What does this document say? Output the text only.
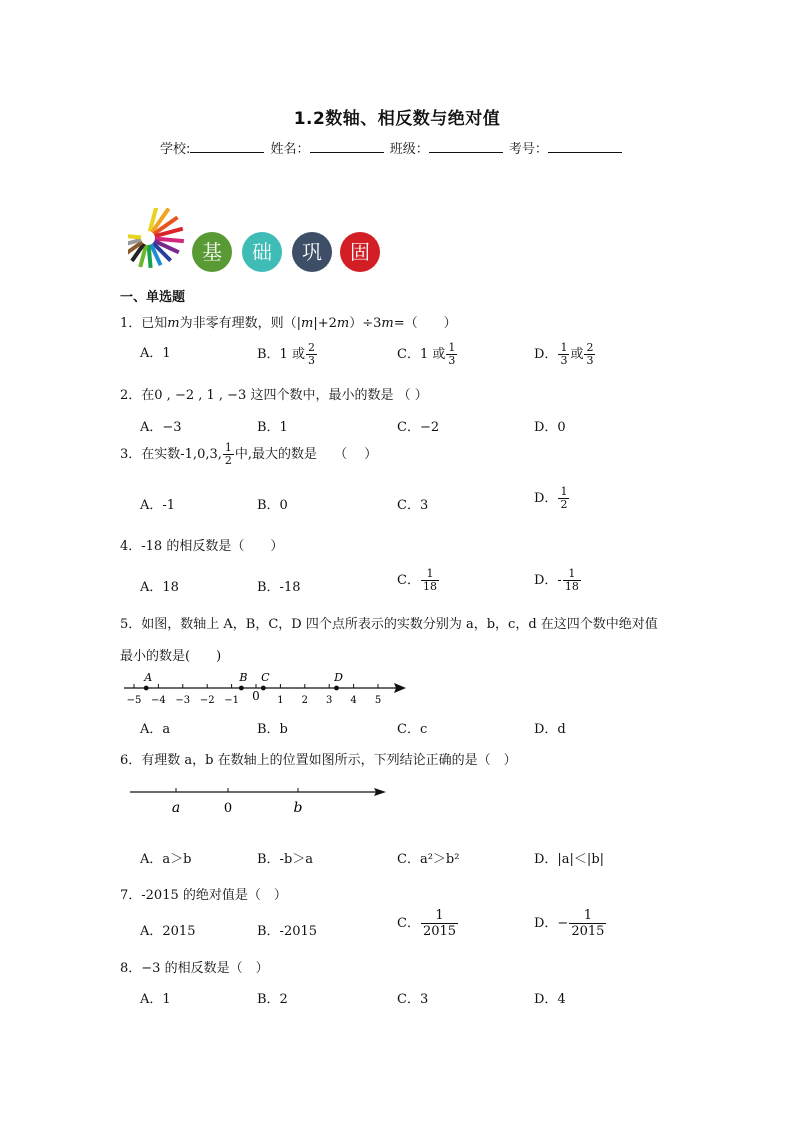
1.2数轴、相反数与绝对值
学校:	姓名：	班级：	考号：
基	础	巩	固
一、单选题
1．已知m为非零有理数，则（|m|+2m）÷3m=（　　）
A．1	B．1 或 $\frac{2}{3}$	C．1 或 $\frac{1}{3}$	D． $\frac{1}{3}$ 或 $\frac{2}{3}$
2．在0 , −2 , 1 , −3 这四个数中，最小的数是 （ ）
A．−3	B．1	C．−2	D．0
3．在实数-1,0,3, $\frac{1}{2}$ 中,最大的数是　 （　 ）
A．-1	B．0	C．3	D． $\frac{1}{2}$
4．-18 的相反数是（　　）
A．18	B．-18	C． $\frac{1}{18}$	D．- $\frac{1}{18}$
5．如图，数轴上 A，B，C，D 四个点所表示的实数分别为 a，b，c，d 在这四个数中绝对值
最小的数是(　　)
−5 −4 −3 −2 −1 0 1 2 3 4 5
A	B C	D
A．a	B．b	C．c	D．d
6．有理数 a，b 在数轴上的位置如图所示，下列结论正确的是（　）
a	0	b
A．a＞b	B．-b＞a	C．a²＞b²	D．|a|＜|b|
7．-2015 的绝对值是（　）
A．2015	B．-2015
C． $\frac{1}{2015}$	D．− $\frac{1}{2015}$
8．−3 的相反数是（　）
A．1	B．2	C．3	D．4
